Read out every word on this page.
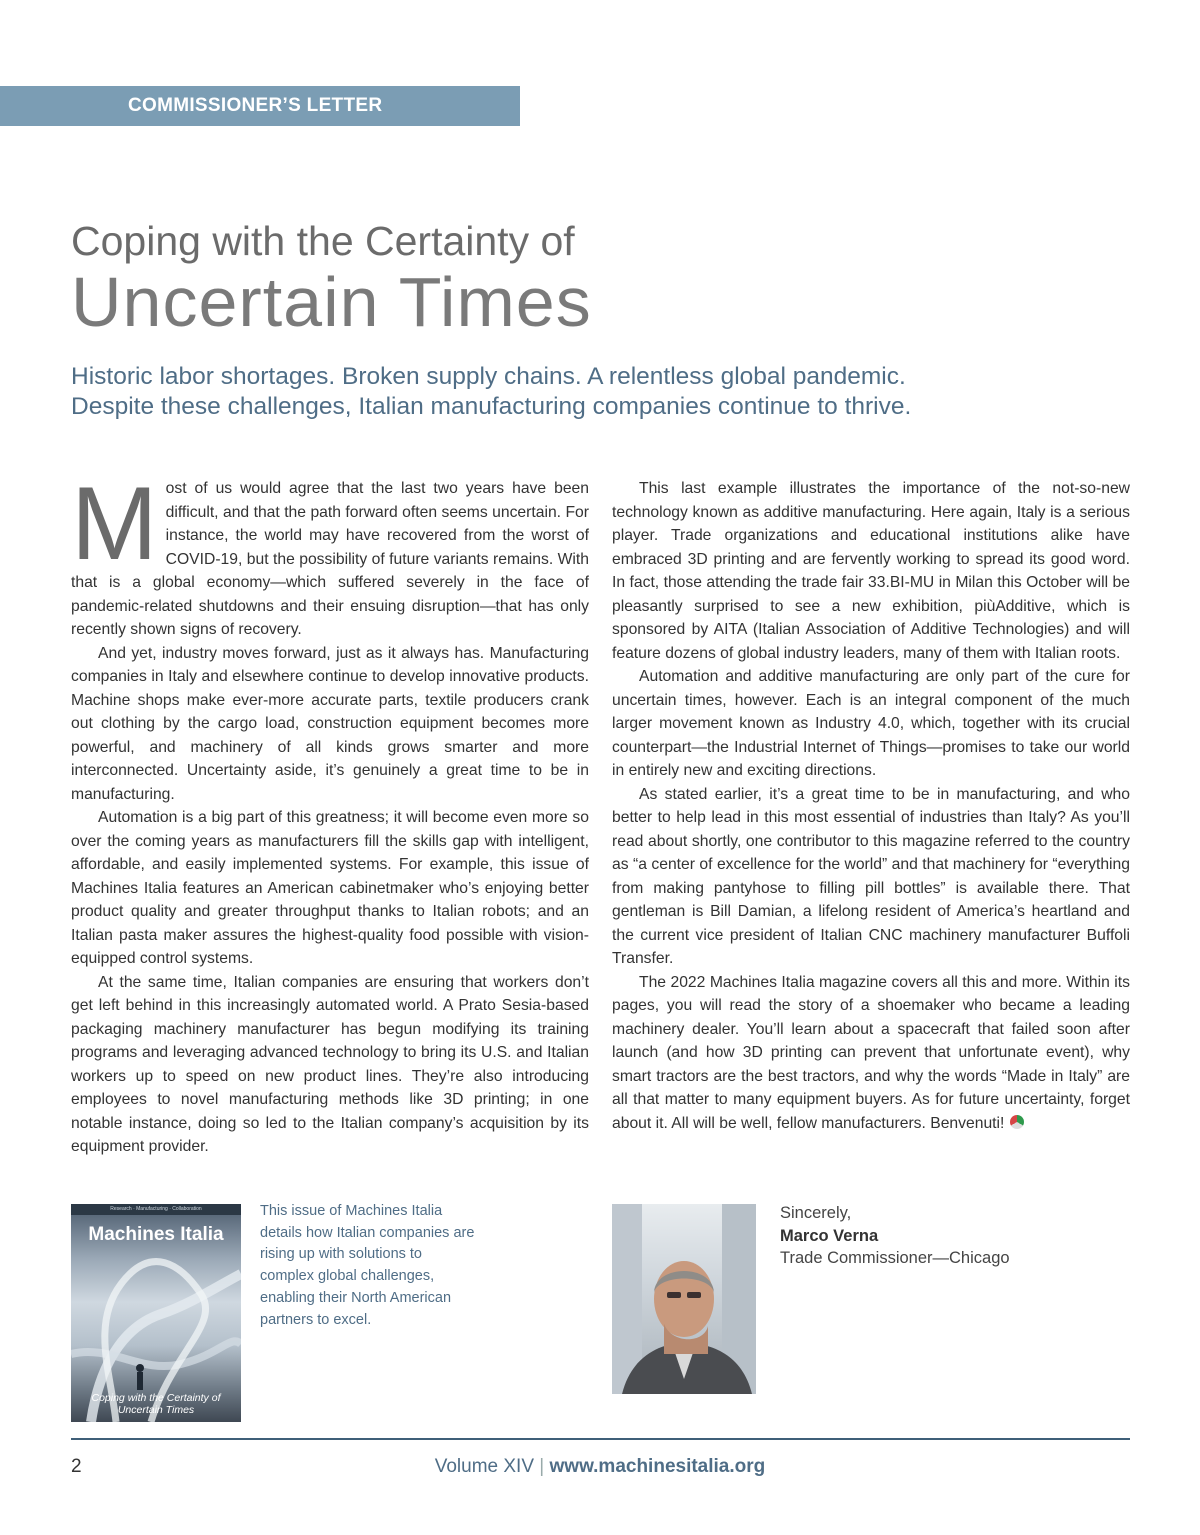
COMMISSIONER’S LETTER
Coping with the Certainty of
Uncertain Times
Historic labor shortages. Broken supply chains. A relentless global pandemic. Despite these challenges, Italian manufacturing companies continue to thrive.

Most of us would agree that the last two years have been difficult, and that the path forward often seems uncertain. For instance, the world may have recovered from the worst of COVID-19, but the possibility of future variants remains. With that is a global economy—which suffered severely in the face of pandemic-related shutdowns and their ensuing disruption—that has only recently shown signs of recovery.

And yet, industry moves forward, just as it always has. Manufacturing companies in Italy and elsewhere continue to develop innovative products. Machine shops make ever-more accurate parts, textile producers crank out clothing by the cargo load, construction equipment becomes more powerful, and machinery of all kinds grows smarter and more interconnected. Uncertainty aside, it’s genuinely a great time to be in manufacturing.

Automation is a big part of this greatness; it will become even more so over the coming years as manufacturers fill the skills gap with intelligent, affordable, and easily implemented systems. For example, this issue of Machines Italia features an American cabinetmaker who’s enjoying better product quality and greater throughput thanks to Italian robots; and an Italian pasta maker assures the highest-quality food possible with vision-equipped control systems.

At the same time, Italian companies are ensuring that workers don’t get left behind in this increasingly automated world. A Prato Sesia-based packaging machinery manufacturer has begun modifying its training programs and leveraging advanced technology to bring its U.S. and Italian workers up to speed on new product lines. They’re also introducing employees to novel manufacturing methods like 3D printing; in one notable instance, doing so led to the Italian company’s acquisition by its equipment provider.

This last example illustrates the importance of the not-so-new technology known as additive manufacturing. Here again, Italy is a serious player. Trade organizations and educational institutions alike have embraced 3D printing and are fervently working to spread its good word. In fact, those attending the trade fair 33.BI-MU in Milan this October will be pleasantly surprised to see a new exhibition, piùAdditive, which is sponsored by AITA (Italian Association of Additive Technologies) and will feature dozens of global industry leaders, many of them with Italian roots.

Automation and additive manufacturing are only part of the cure for uncertain times, however. Each is an integral component of the much larger movement known as Industry 4.0, which, together with its crucial counterpart—the Industrial Internet of Things—promises to take our world in entirely new and exciting directions.

As stated earlier, it’s a great time to be in manufacturing, and who better to help lead in this most essential of industries than Italy? As you’ll read about shortly, one contributor to this magazine referred to the country as “a center of excellence for the world” and that machinery for “everything from making pantyhose to filling pill bottles” is available there. That gentleman is Bill Damian, a lifelong resident of America’s heartland and the current vice president of Italian CNC machinery manufacturer Buffoli Transfer.

The 2022 Machines Italia magazine covers all this and more. Within its pages, you will read the story of a shoemaker who became a leading machinery dealer. You’ll learn about a spacecraft that failed soon after launch (and how 3D printing can prevent that unfortunate event), why smart tractors are the best tractors, and why the words “Made in Italy” are all that matter to many equipment buyers. As for future uncertainty, forget about it. All will be well, fellow manufacturers. Benvenuti!

Research · Manufacturing · Collaboration
Machines Italia
Coping with the Certainty of Uncertain Times
This issue of Machines Italia details how Italian companies are rising up with solutions to complex global challenges, enabling their North American partners to excel.
Sincerely,
Marco Verna
Trade Commissioner—Chicago
2	Volume XIV | www.machinesitalia.org
